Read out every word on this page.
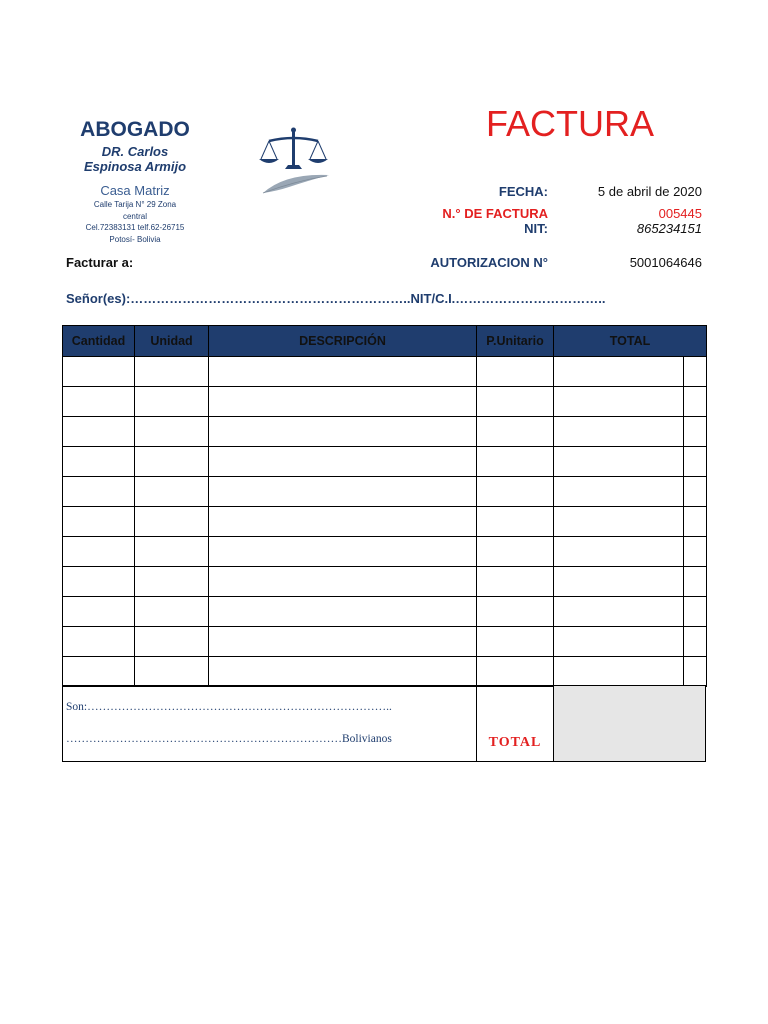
ABOGADO
DR. Carlos
Espinosa Armijo
Casa Matriz
Calle Tarija N° 29 Zona
central
Cel.72383131 telf.62-26715
Potosí- Bolivia
FACTURA
FECHA:	5 de abril de 2020
N.° DE FACTURA	005445
NIT:	865234151
AUTORIZACION N°	5001064646
Facturar a:
Señor(es):………………………………………………………..NIT/C.I.……………………………..
Cantidad	Unidad	DESCRIPCIÓN	P.Unitario	TOTAL	

Son:……………………………………………………………………..
………………………………………………………………Bolivianos	TOTAL
